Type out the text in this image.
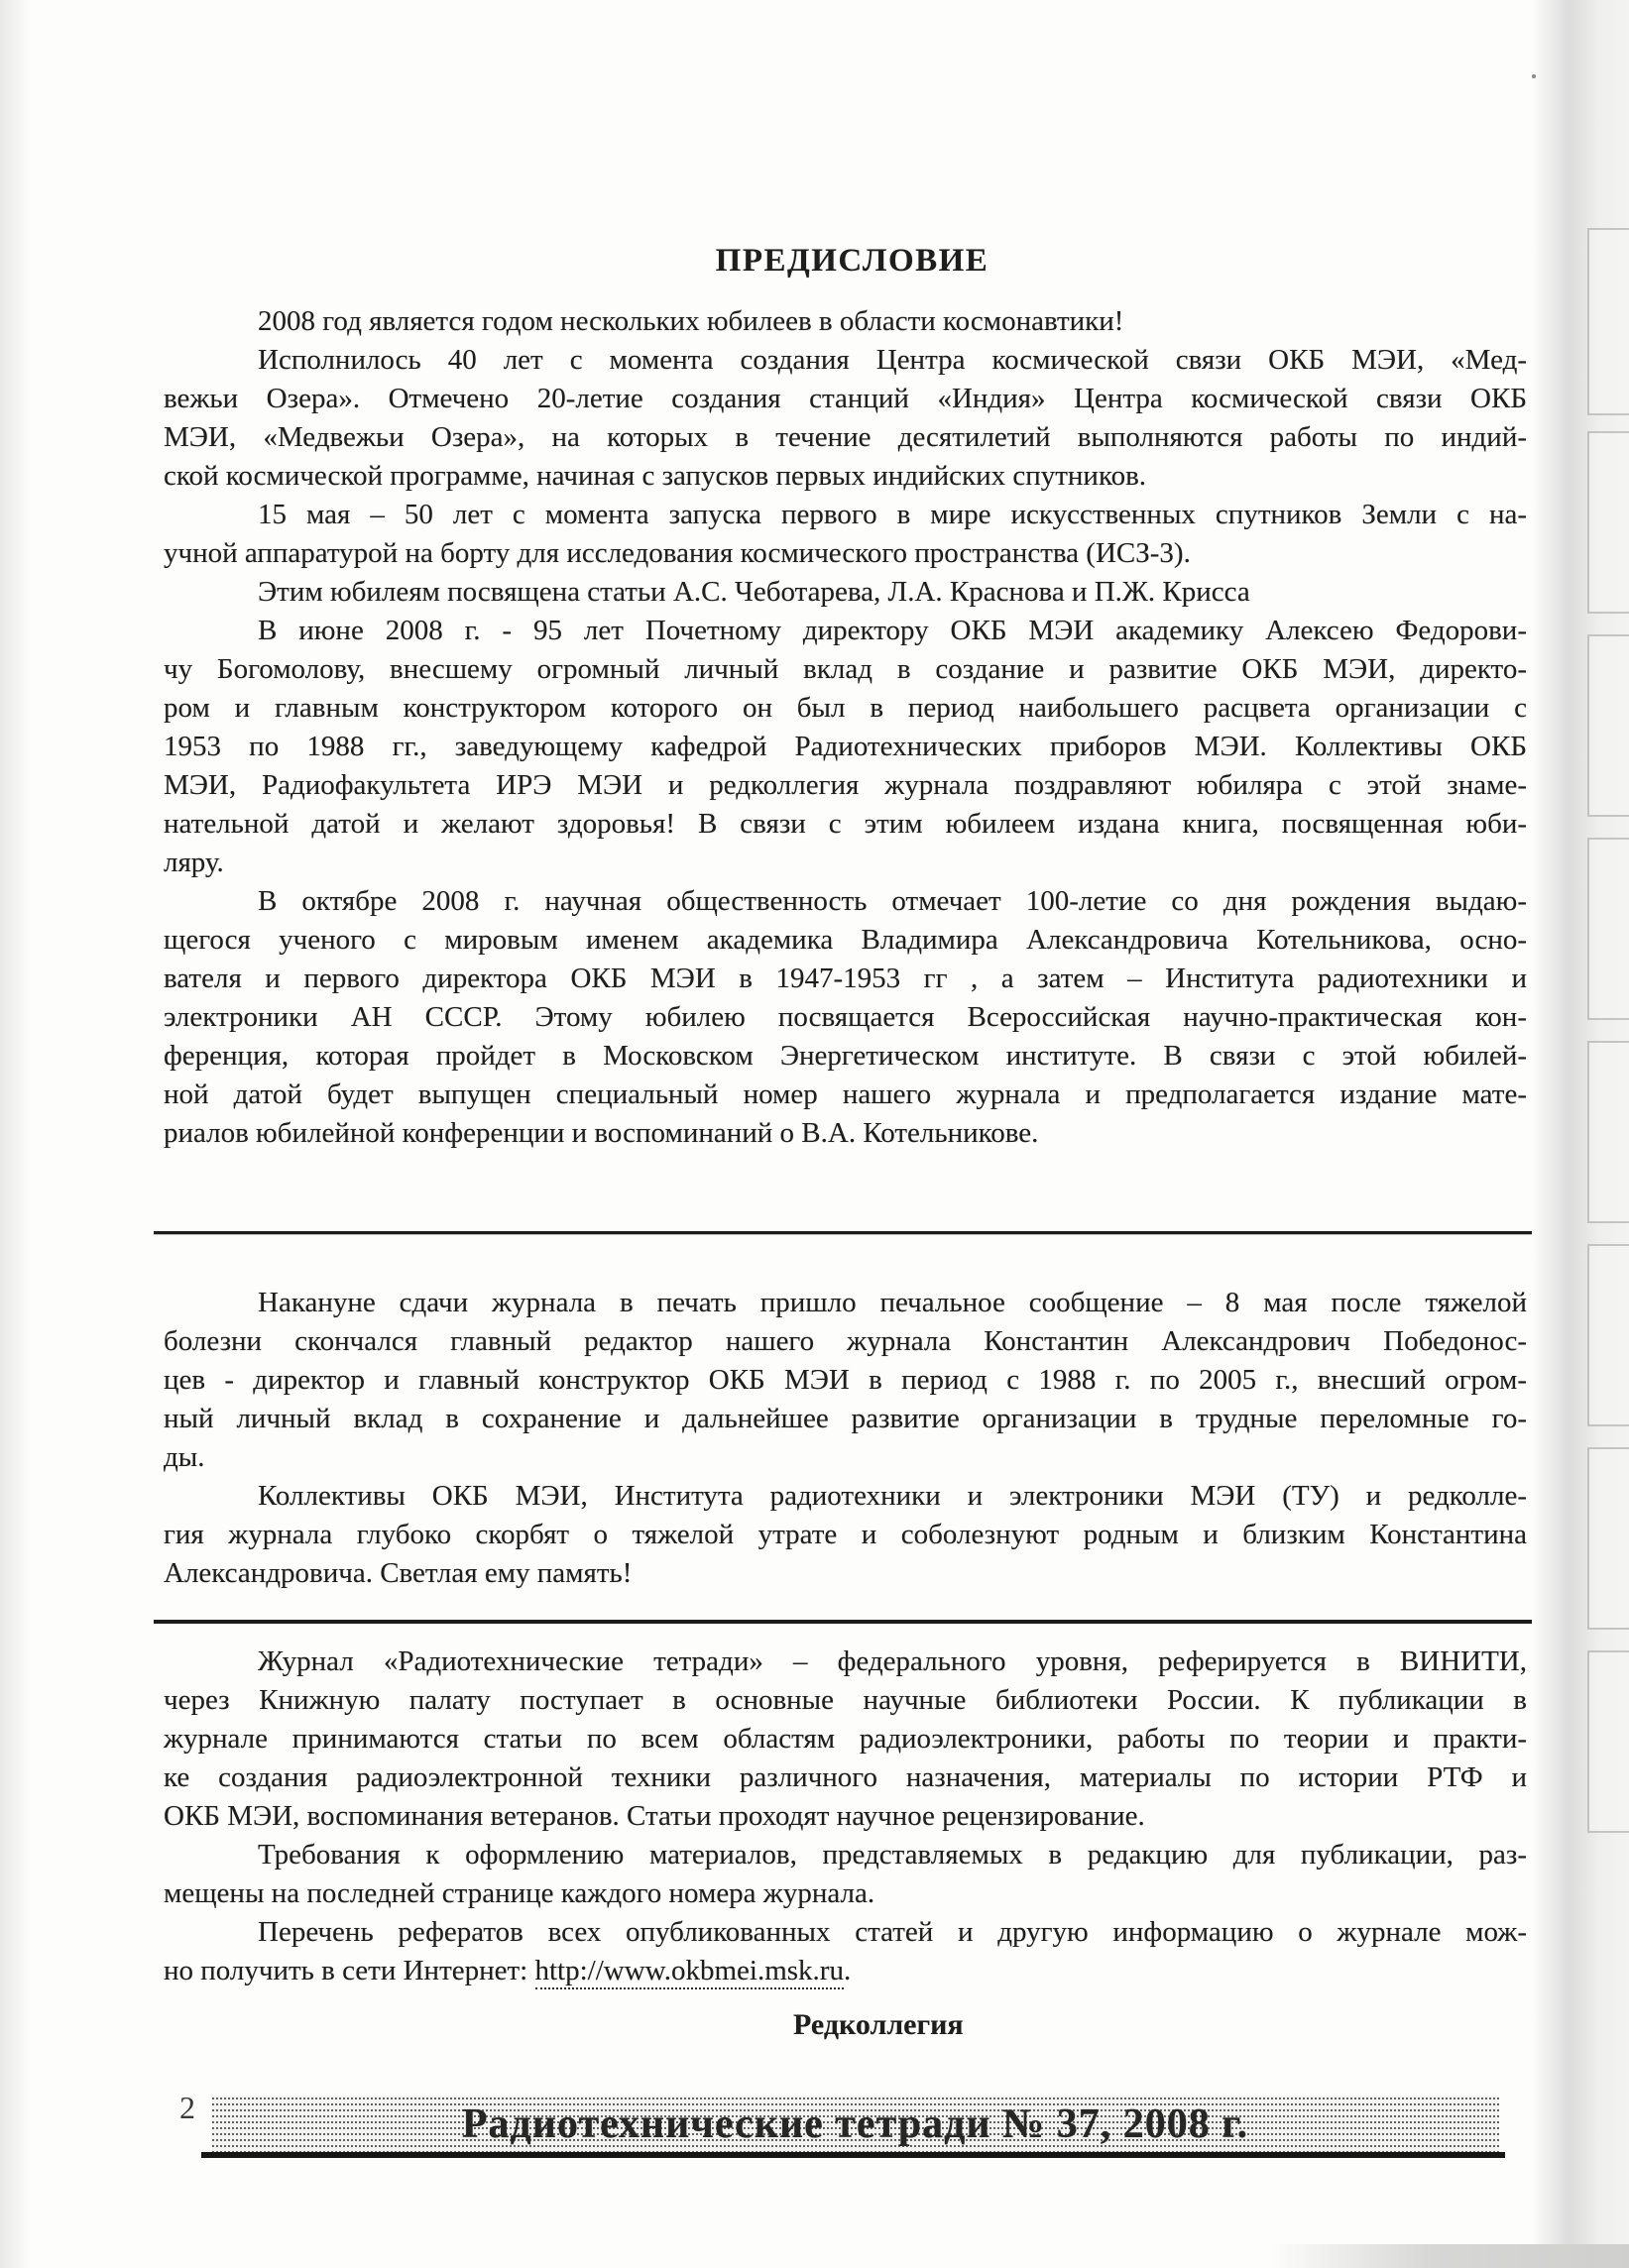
ПРЕДИСЛОВИЕ
2008 год является годом нескольких юбилеев в области космонавтики!
Исполнилось 40 лет с момента создания Центра космической связи ОКБ МЭИ, «Мед-
вежьи Озера». Отмечено 20-летие создания станций «Индия» Центра космической связи ОКБ
МЭИ, «Медвежьи Озера», на которых в течение десятилетий выполняются работы по индий-
ской космической программе, начиная с запусков первых индийских спутников.
15 мая – 50 лет с момента запуска первого в мире искусственных спутников Земли с на-
учной аппаратурой на борту для исследования космического пространства (ИСЗ-3).
Этим юбилеям посвящена статьи А.С. Чеботарева, Л.А. Краснова и П.Ж. Крисса
В июне 2008 г. - 95 лет Почетному директору ОКБ МЭИ академику Алексею Федорови-
чу Богомолову, внесшему огромный личный вклад в создание и развитие ОКБ МЭИ, директо-
ром и главным конструктором которого он был в период наибольшего расцвета организации с
1953 по 1988 гг., заведующему кафедрой Радиотехнических приборов МЭИ. Коллективы ОКБ
МЭИ, Радиофакультета ИРЭ МЭИ и редколлегия журнала поздравляют юбиляра с этой знаме-
нательной датой и желают здоровья! В связи с этим юбилеем издана книга, посвященная юби-
ляру.
В октябре 2008 г. научная общественность отмечает 100-летие со дня рождения выдаю-
щегося ученого с мировым именем академика Владимира Александровича Котельникова, осно-
вателя и первого директора ОКБ МЭИ в 1947-1953 гг , а затем – Института радиотехники и
электроники АН СССР. Этому юбилею посвящается Всероссийская научно-практическая кон-
ференция, которая пройдет в Московском Энергетическом институте. В связи с этой юбилей-
ной датой будет выпущен специальный номер нашего журнала и предполагается издание мате-
риалов юбилейной конференции и воспоминаний о В.А. Котельникове.
Накануне сдачи журнала в печать пришло печальное сообщение – 8 мая после тяжелой
болезни скончался главный редактор нашего журнала Константин Александрович Победонос-
цев - директор и главный конструктор ОКБ МЭИ в период с 1988 г. по 2005 г., внесший огром-
ный личный вклад в сохранение и дальнейшее развитие организации в трудные переломные го-
ды.
Коллективы ОКБ МЭИ, Института радиотехники и электроники МЭИ (ТУ) и редколле-
гия журнала глубоко скорбят о тяжелой утрате и соболезнуют родным и близким Константина
Александровича. Светлая ему память!
Журнал «Радиотехнические тетради» – федерального уровня, реферируется в ВИНИТИ,
через Книжную палату поступает в основные научные библиотеки России. К публикации в
журнале принимаются статьи по всем областям радиоэлектроники, работы по теории и практи-
ке создания радиоэлектронной техники различного назначения, материалы по истории РТФ и
ОКБ МЭИ, воспоминания ветеранов. Статьи проходят научное рецензирование.
Требования к оформлению материалов, представляемых в редакцию для публикации, раз-
мещены на последней странице каждого номера журнала.
Перечень рефератов всех опубликованных статей и другую информацию о журнале мож-
но получить в сети Интернет: http://www.okbmei.msk.ru.
Редколлегия
2	Радиотехнические тетради № 37, 2008 г.
